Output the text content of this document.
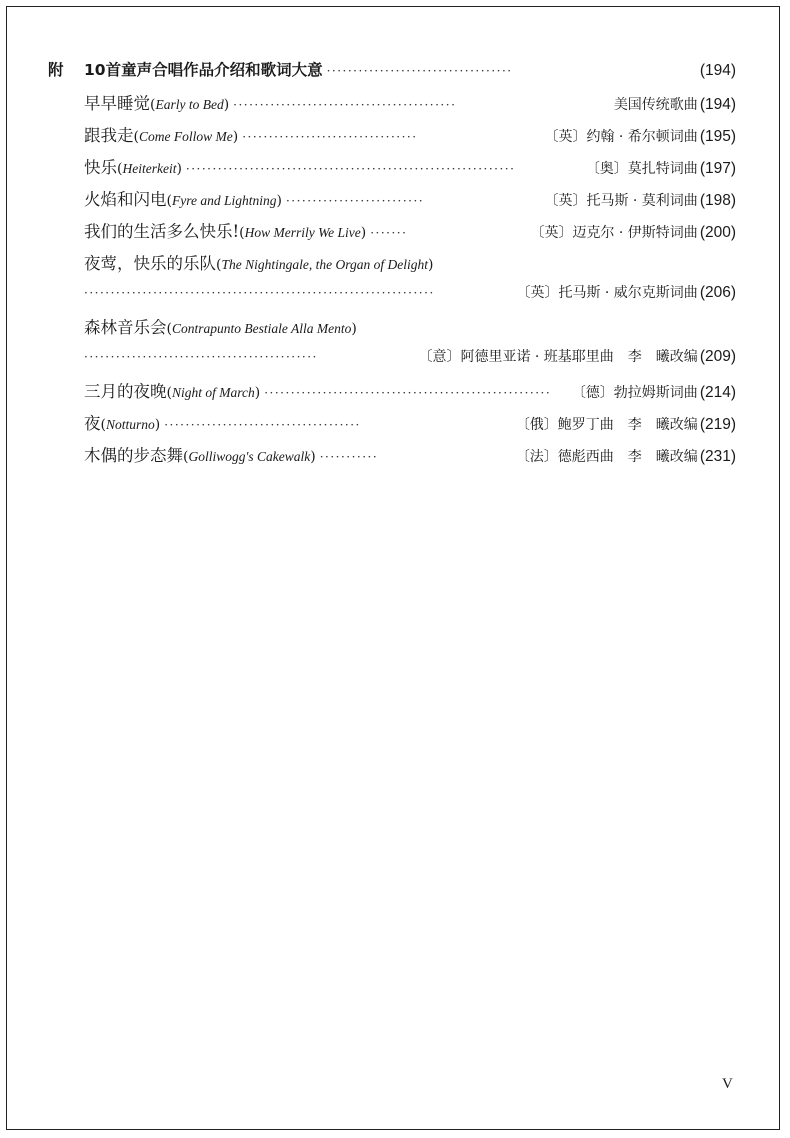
附 10首童声合唱作品介绍和歌词大意 ···································	(194)
早早睡觉(Early to Bed) ··········································	美国传统歌曲 (194)
跟我走(Come Follow Me) ·································	〔英〕约翰 · 希尔顿词曲 (195)
快乐(Heiterkeit) ······························································	〔奥〕莫扎特词曲 (197)
火焰和闪电(Fyre and Lightning) ··························	〔英〕托马斯 · 莫利词曲 (198)
我们的生活多么快乐!(How Merrily We Live) ·······	〔英〕迈克尔 · 伊斯特词曲 (200)
夜莺，快乐的乐队(The Nightingale, the Organ of Delight)
··································································	〔英〕托马斯 · 威尔克斯词曲 (206)
森林音乐会(Contrapunto Bestiale Alla Mento)
············································	〔意〕阿德里亚诺 · 班基耶里曲　李　曦改编 (209)
三月的夜晚(Night of March) ······················································	〔德〕勃拉姆斯词曲 (214)
夜(Notturno) ·····································	〔俄〕鲍罗丁曲　李　曦改编 (219)
木偶的步态舞(Golliwogg's Cakewalk) ···········	〔法〕德彪西曲　李　曦改编 (231)
V
